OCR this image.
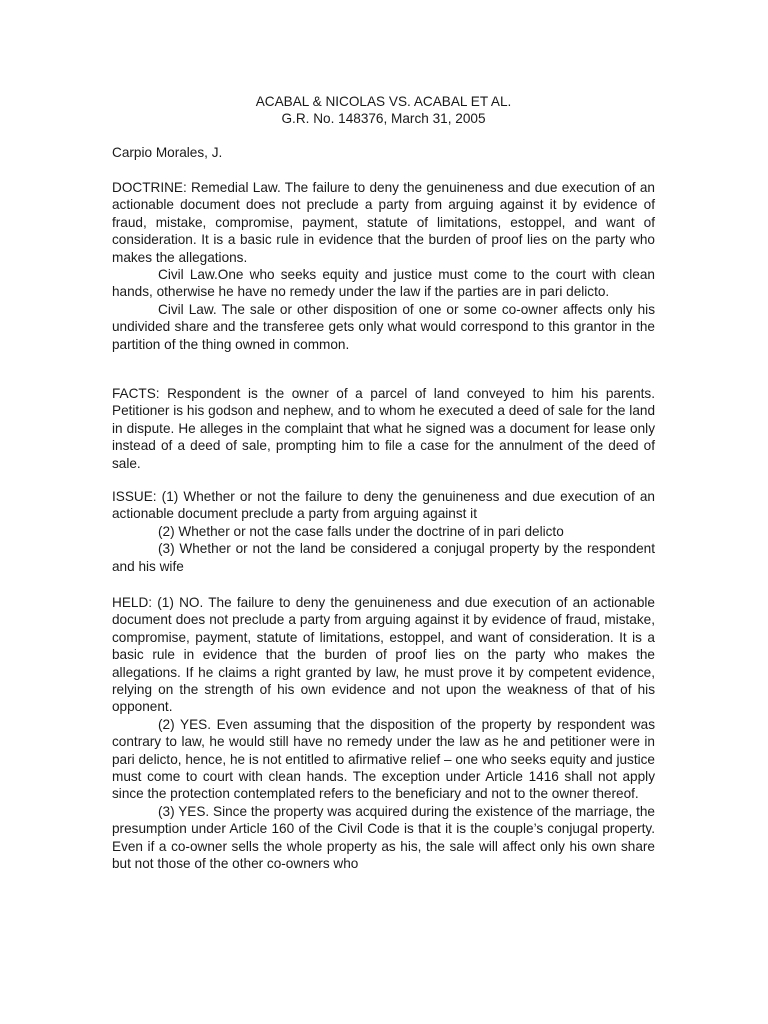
ACABAL & NICOLAS VS. ACABAL ET AL.
G.R. No. 148376, March 31, 2005
Carpio Morales, J.

DOCTRINE: Remedial Law. The failure to deny the genuineness and due execution of an actionable document does not preclude a party from arguing against it by evidence of fraud, mistake, compromise, payment, statute of limitations, estoppel, and want of consideration. It is a basic rule in evidence that the burden of proof lies on the party who makes the allegations.

Civil Law.One who seeks equity and justice must come to the court with clean hands, otherwise he have no remedy under the law if the parties are in pari delicto.

Civil Law. The sale or other disposition of one or some co-owner affects only his undivided share and the transferee gets only what would correspond to this grantor in the partition of the thing owned in common.

FACTS: Respondent is the owner of a parcel of land conveyed to him his parents. Petitioner is his godson and nephew, and to whom he executed a deed of sale for the land in dispute. He alleges in the complaint that what he signed was a document for lease only instead of a deed of sale, prompting him to file a case for the annulment of the deed of sale.

ISSUE: (1) Whether or not the failure to deny the genuineness and due execution of an actionable document preclude a party from arguing against it

(2) Whether or not the case falls under the doctrine of in pari delicto

(3) Whether or not the land be considered a conjugal property by the respondent and his wife

HELD: (1) NO. The failure to deny the genuineness and due execution of an actionable document does not preclude a party from arguing against it by evidence of fraud, mistake, compromise, payment, statute of limitations, estoppel, and want of consideration. It is a basic rule in evidence that the burden of proof lies on the party who makes the allegations. If he claims a right granted by law, he must prove it by competent evidence, relying on the strength of his own evidence and not upon the weakness of that of his opponent.

(2) YES. Even assuming that the disposition of the property by respondent was contrary to law, he would still have no remedy under the law as he and petitioner were in pari delicto, hence, he is not entitled to afirmative relief – one who seeks equity and justice must come to court with clean hands. The exception under Article 1416 shall not apply since the protection contemplated refers to the beneficiary and not to the owner thereof.

(3) YES. Since the property was acquired during the existence of the marriage, the presumption under Article 160 of the Civil Code is that it is the couple’s conjugal property. Even if a co-owner sells the whole property as his, the sale will affect only his own share but not those of the other co-owners who
